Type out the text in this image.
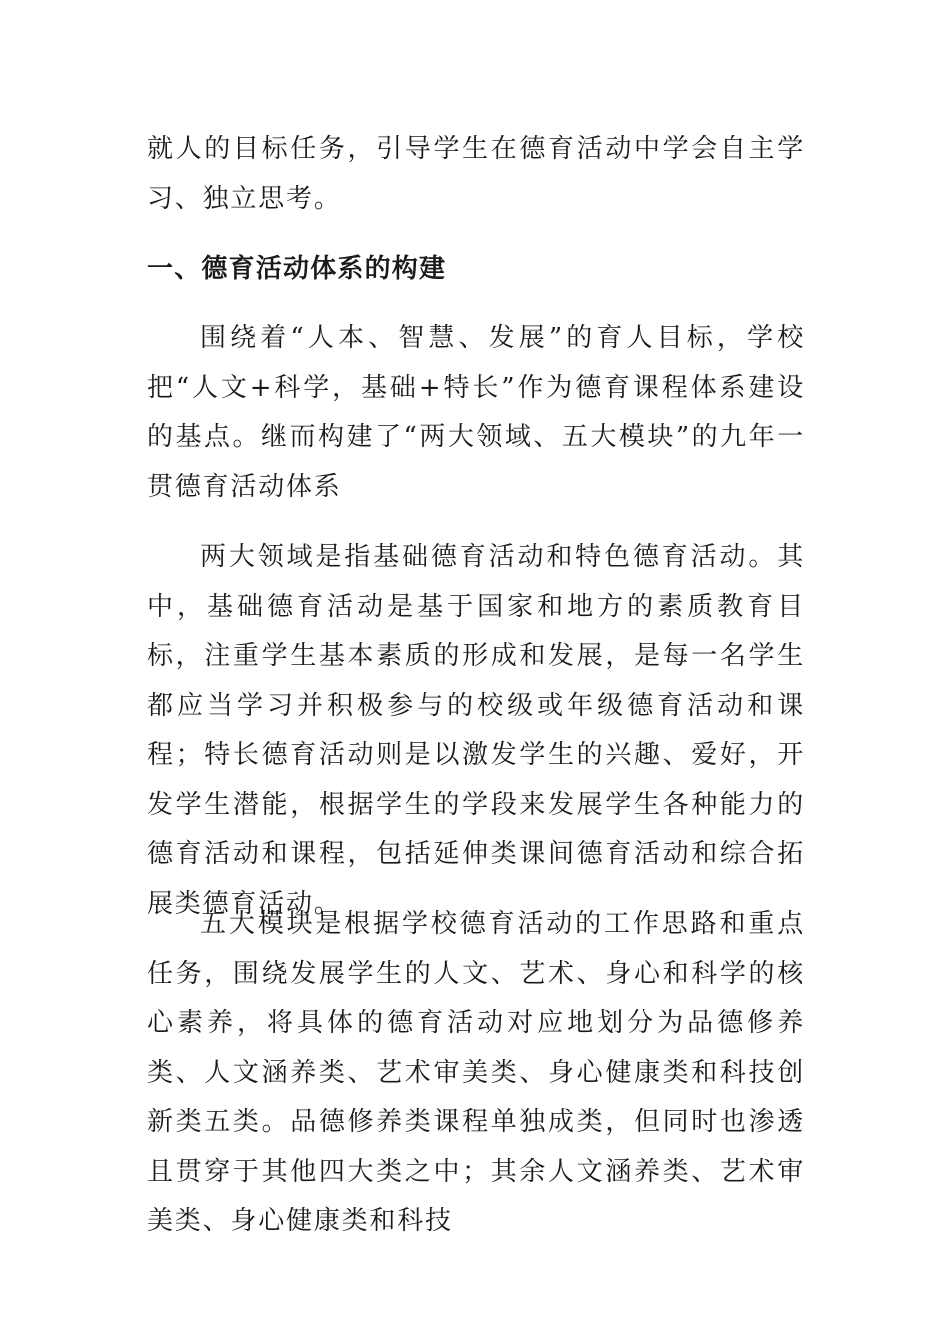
就人的目标任务，引导学生在德育活动中学会自主学习、独立思考。

一、德育活动体系的构建

围绕着“人本、智慧、发展”的育人目标，学校把“人文+科学，基础+特长”作为德育课程体系建设的基点。继而构建了“两大领域、五大模块”的九年一贯德育活动体系

两大领域是指基础德育活动和特色德育活动。其中，基础德育活动是基于国家和地方的素质教育目标，注重学生基本素质的形成和发展，是每一名学生都应当学习并积极参与的校级或年级德育活动和课程；特长德育活动则是以激发学生的兴趣、爱好，开发学生潜能，根据学生的学段来发展学生各种能力的德育活动和课程，包括延伸类课间德育活动和综合拓展类德育活动。

五大模块是根据学校德育活动的工作思路和重点任务，围绕发展学生的人文、艺术、身心和科学的核心素养，将具体的德育活动对应地划分为品德修养类、人文涵养类、艺术审美类、身心健康类和科技创新类五类。品德修养类课程单独成类，但同时也渗透且贯穿于其他四大类之中；其余人文涵养类、艺术审美类、身心健康类和科技
